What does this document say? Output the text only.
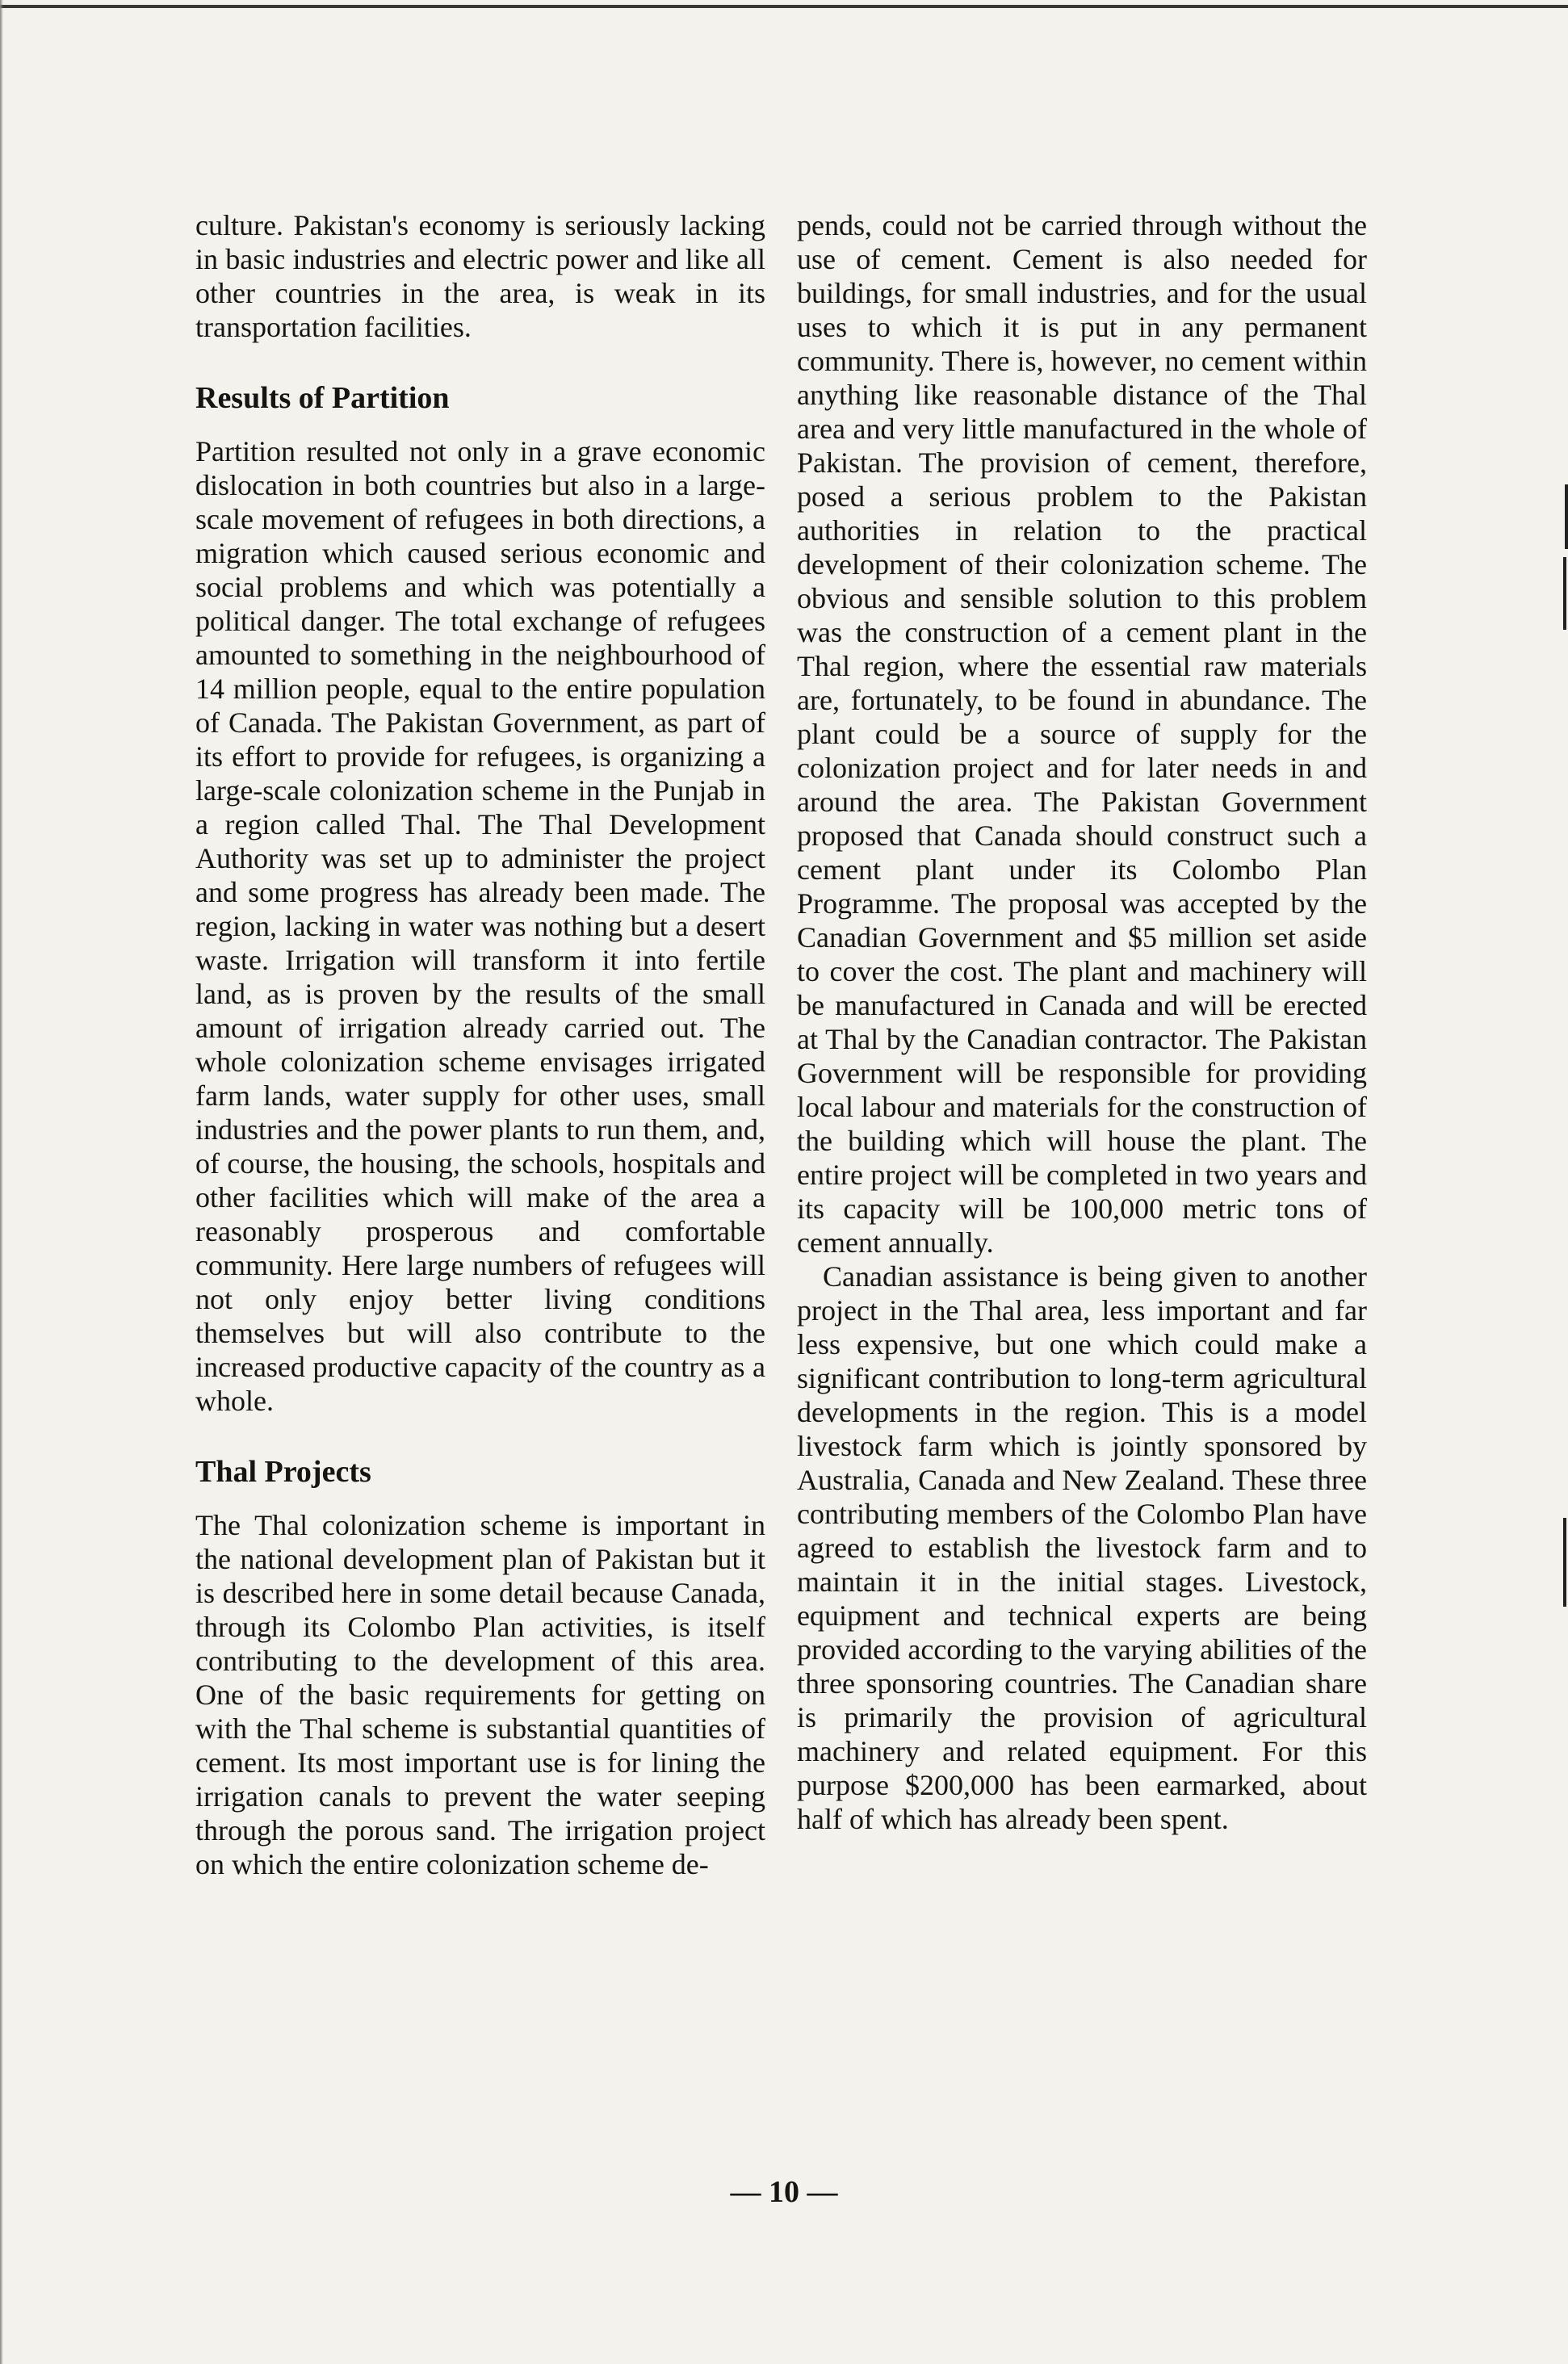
culture. Pakistan's economy is seriously lacking in basic industries and electric power and like all other countries in the area, is weak in its transportation facilities.

Results of Partition

Partition resulted not only in a grave economic dislocation in both countries but also in a large-scale movement of refugees in both directions, a migration which caused serious economic and social problems and which was potentially a political danger. The total exchange of refugees amounted to something in the neighbourhood of 14 million people, equal to the entire population of Canada. The Pakistan Government, as part of its effort to provide for refugees, is organizing a large-scale colonization scheme in the Punjab in a region called Thal. The Thal Development Authority was set up to administer the project and some progress has already been made. The region, lacking in water was nothing but a desert waste. Irrigation will transform it into fertile land, as is proven by the results of the small amount of irrigation already carried out. The whole colonization scheme envisages irrigated farm lands, water supply for other uses, small industries and the power plants to run them, and, of course, the housing, the schools, hospitals and other facilities which will make of the area a reasonably prosperous and comfortable community. Here large numbers of refugees will not only enjoy better living conditions themselves but will also contribute to the increased productive capacity of the country as a whole.

Thal Projects

The Thal colonization scheme is important in the national development plan of Pakistan but it is described here in some detail because Canada, through its Colombo Plan activities, is itself contributing to the development of this area. One of the basic requirements for getting on with the Thal scheme is substantial quantities of cement. Its most important use is for lining the irrigation canals to prevent the water seeping through the porous sand. The irrigation project on which the entire colonization scheme de-

pends, could not be carried through without the use of cement. Cement is also needed for buildings, for small industries, and for the usual uses to which it is put in any permanent community. There is, however, no cement within anything like reasonable distance of the Thal area and very little manufactured in the whole of Pakistan. The provision of cement, therefore, posed a serious problem to the Pakistan authorities in relation to the practical development of their colonization scheme. The obvious and sensible solution to this problem was the construction of a cement plant in the Thal region, where the essential raw materials are, fortunately, to be found in abundance. The plant could be a source of supply for the colonization project and for later needs in and around the area. The Pakistan Government proposed that Canada should construct such a cement plant under its Colombo Plan Programme. The proposal was accepted by the Canadian Government and $5 million set aside to cover the cost. The plant and machinery will be manufactured in Canada and will be erected at Thal by the Canadian contractor. The Pakistan Government will be responsible for providing local labour and materials for the construction of the building which will house the plant. The entire project will be completed in two years and its capacity will be 100,000 metric tons of cement annually.

Canadian assistance is being given to another project in the Thal area, less important and far less expensive, but one which could make a significant contribution to long-term agricultural developments in the region. This is a model livestock farm which is jointly sponsored by Australia, Canada and New Zealand. These three contributing members of the Colombo Plan have agreed to establish the livestock farm and to maintain it in the initial stages. Livestock, equipment and technical experts are being provided according to the varying abilities of the three sponsoring countries. The Canadian share is primarily the provision of agricultural machinery and related equipment. For this purpose $200,000 has been earmarked, about half of which has already been spent.

— 10 —
